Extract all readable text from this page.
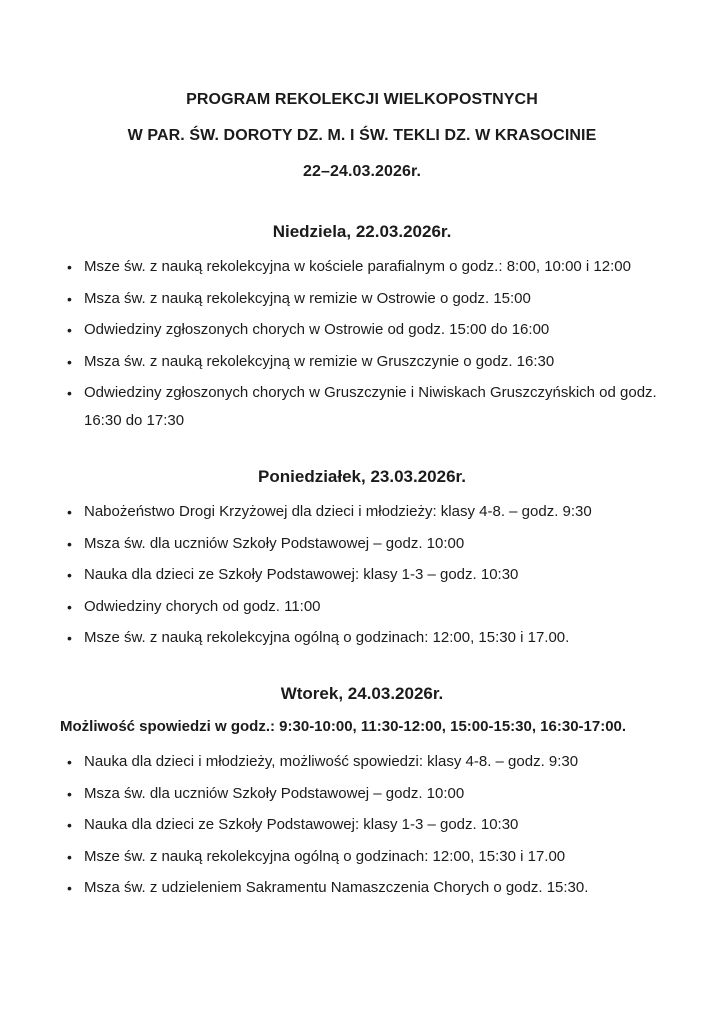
PROGRAM REKOLEKCJI WIELKOPOSTNYCH

W PAR. ŚW. DOROTY DZ. M. I ŚW. TEKLI DZ. W KRASOCINIE

22–24.03.2026r.

Niedziela, 22.03.2026r.
• Msze św. z nauką rekolekcyjna w kościele parafialnym o godz.: 8:00, 10:00 i 12:00
• Msza św. z nauką rekolekcyjną w remizie w Ostrowie o godz. 15:00
• Odwiedziny zgłoszonych chorych w Ostrowie od godz. 15:00 do 16:00
• Msza św. z nauką rekolekcyjną w remizie w Gruszczynie o godz. 16:30
• Odwiedziny zgłoszonych chorych w Gruszczynie i Niwiskach Gruszczyńskich od godz. 16:30 do 17:30
Poniedziałek, 23.03.2026r.
• Nabożeństwo Drogi Krzyżowej dla dzieci i młodzieży: klasy 4-8. – godz. 9:30
• Msza św. dla uczniów Szkoły Podstawowej – godz. 10:00
• Nauka dla dzieci ze Szkoły Podstawowej: klasy 1-3 – godz. 10:30
• Odwiedziny chorych od godz. 11:00
• Msze św. z nauką rekolekcyjna ogólną o godzinach: 12:00, 15:30 i 17.00.
Wtorek, 24.03.2026r.

Możliwość spowiedzi w godz.: 9:30-10:00, 11:30-12:00, 15:00-15:30, 16:30-17:00.

• Nauka dla dzieci i młodzieży, możliwość spowiedzi: klasy 4-8. – godz. 9:30
• Msza św. dla uczniów Szkoły Podstawowej – godz. 10:00
• Nauka dla dzieci ze Szkoły Podstawowej: klasy 1-3 – godz. 10:30
• Msze św. z nauką rekolekcyjna ogólną o godzinach: 12:00, 15:30 i 17.00
• Msza św. z udzieleniem Sakramentu Namaszczenia Chorych o godz. 15:30.
